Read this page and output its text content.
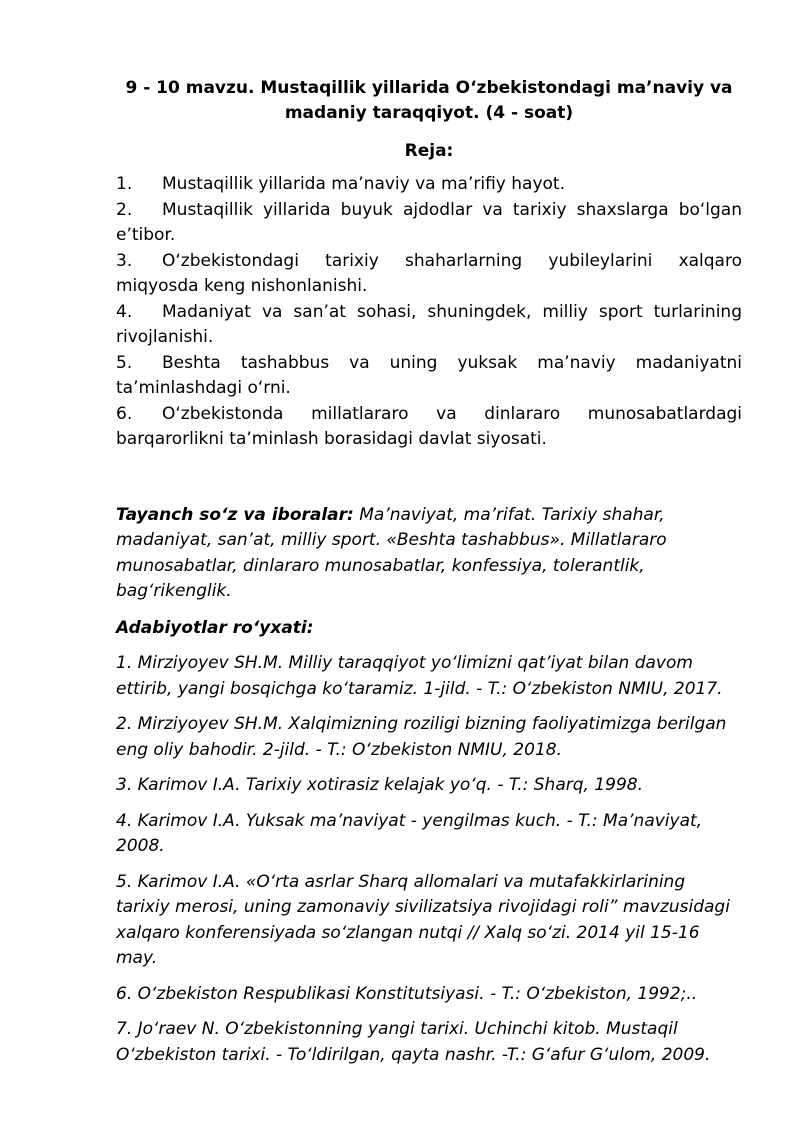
9 - 10 mavzu. Mustaqillik yillarida O‘zbekistondagi ma’naviy va madaniy taraqqiyot. (4 - soat)
Reja:
1. Mustaqillik yillarida ma’naviy va ma’rifiy hayot.
2. Mustaqillik yillarida buyuk ajdodlar va tarixiy shaxslarga bo‘lgan e’tibor.
3. O‘zbekistondagi tarixiy shaharlarning yubileylarini xalqaro miqyosda keng nishonlanishi.
4. Madaniyat va san’at sohasi, shuningdek, milliy sport turlarining rivojlanishi.
5. Beshta tashabbus va uning yuksak ma’naviy madaniyatni ta’minlashdagi o‘rni.
6. O‘zbekistonda millatlararo va dinlararo munosabatlardagi barqarorlikni ta’minlash borasidagi davlat siyosati.

Tayanch so‘z va iboralar: Ma’naviyat, ma’rifat. Tarixiy shahar, madaniyat, san’at, milliy sport. «Beshta tashabbus». Millatlararo munosabatlar, dinlararo munosabatlar, konfessiya, tolerantlik, bag‘rikenglik.

Adabiyotlar ro‘yxati:

1. Mirziyoyev SH.M. Milliy taraqqiyot yo‘limizni qat’iyat bilan davom ettirib, yangi bosqichga ko‘taramiz. 1-jild. - T.: O‘zbekiston NMIU, 2017.
2. Mirziyoyev SH.M. Xalqimizning roziligi bizning faoliyatimizga berilgan eng oliy bahodir. 2-jild. - T.: O‘zbekiston NMIU, 2018.
3. Karimov I.A. Tarixiy xotirasiz kelajak yo‘q. - T.: Sharq, 1998.
4. Karimov I.A. Yuksak ma’naviyat - yengilmas kuch. - T.: Ma’naviyat, 2008.
5. Karimov I.A. «O‘rta asrlar Sharq allomalari va mutafakkirlarining tarixiy merosi, uning zamonaviy sivilizatsiya rivojidagi roli” mavzusidagi xalqaro konferensiyada so‘zlangan nutqi // Xalq so‘zi. 2014 yil 15-16 may.
6. O‘zbekiston Respublikasi Konstitutsiyasi. - T.: O‘zbekiston, 1992;..
7. Jo‘raev N. O‘zbekistonning yangi tarixi. Uchinchi kitob. Mustaqil O‘zbekiston tarixi. - To‘ldirilgan, qayta nashr. -T.: G‘afur G‘ulom, 2009.
